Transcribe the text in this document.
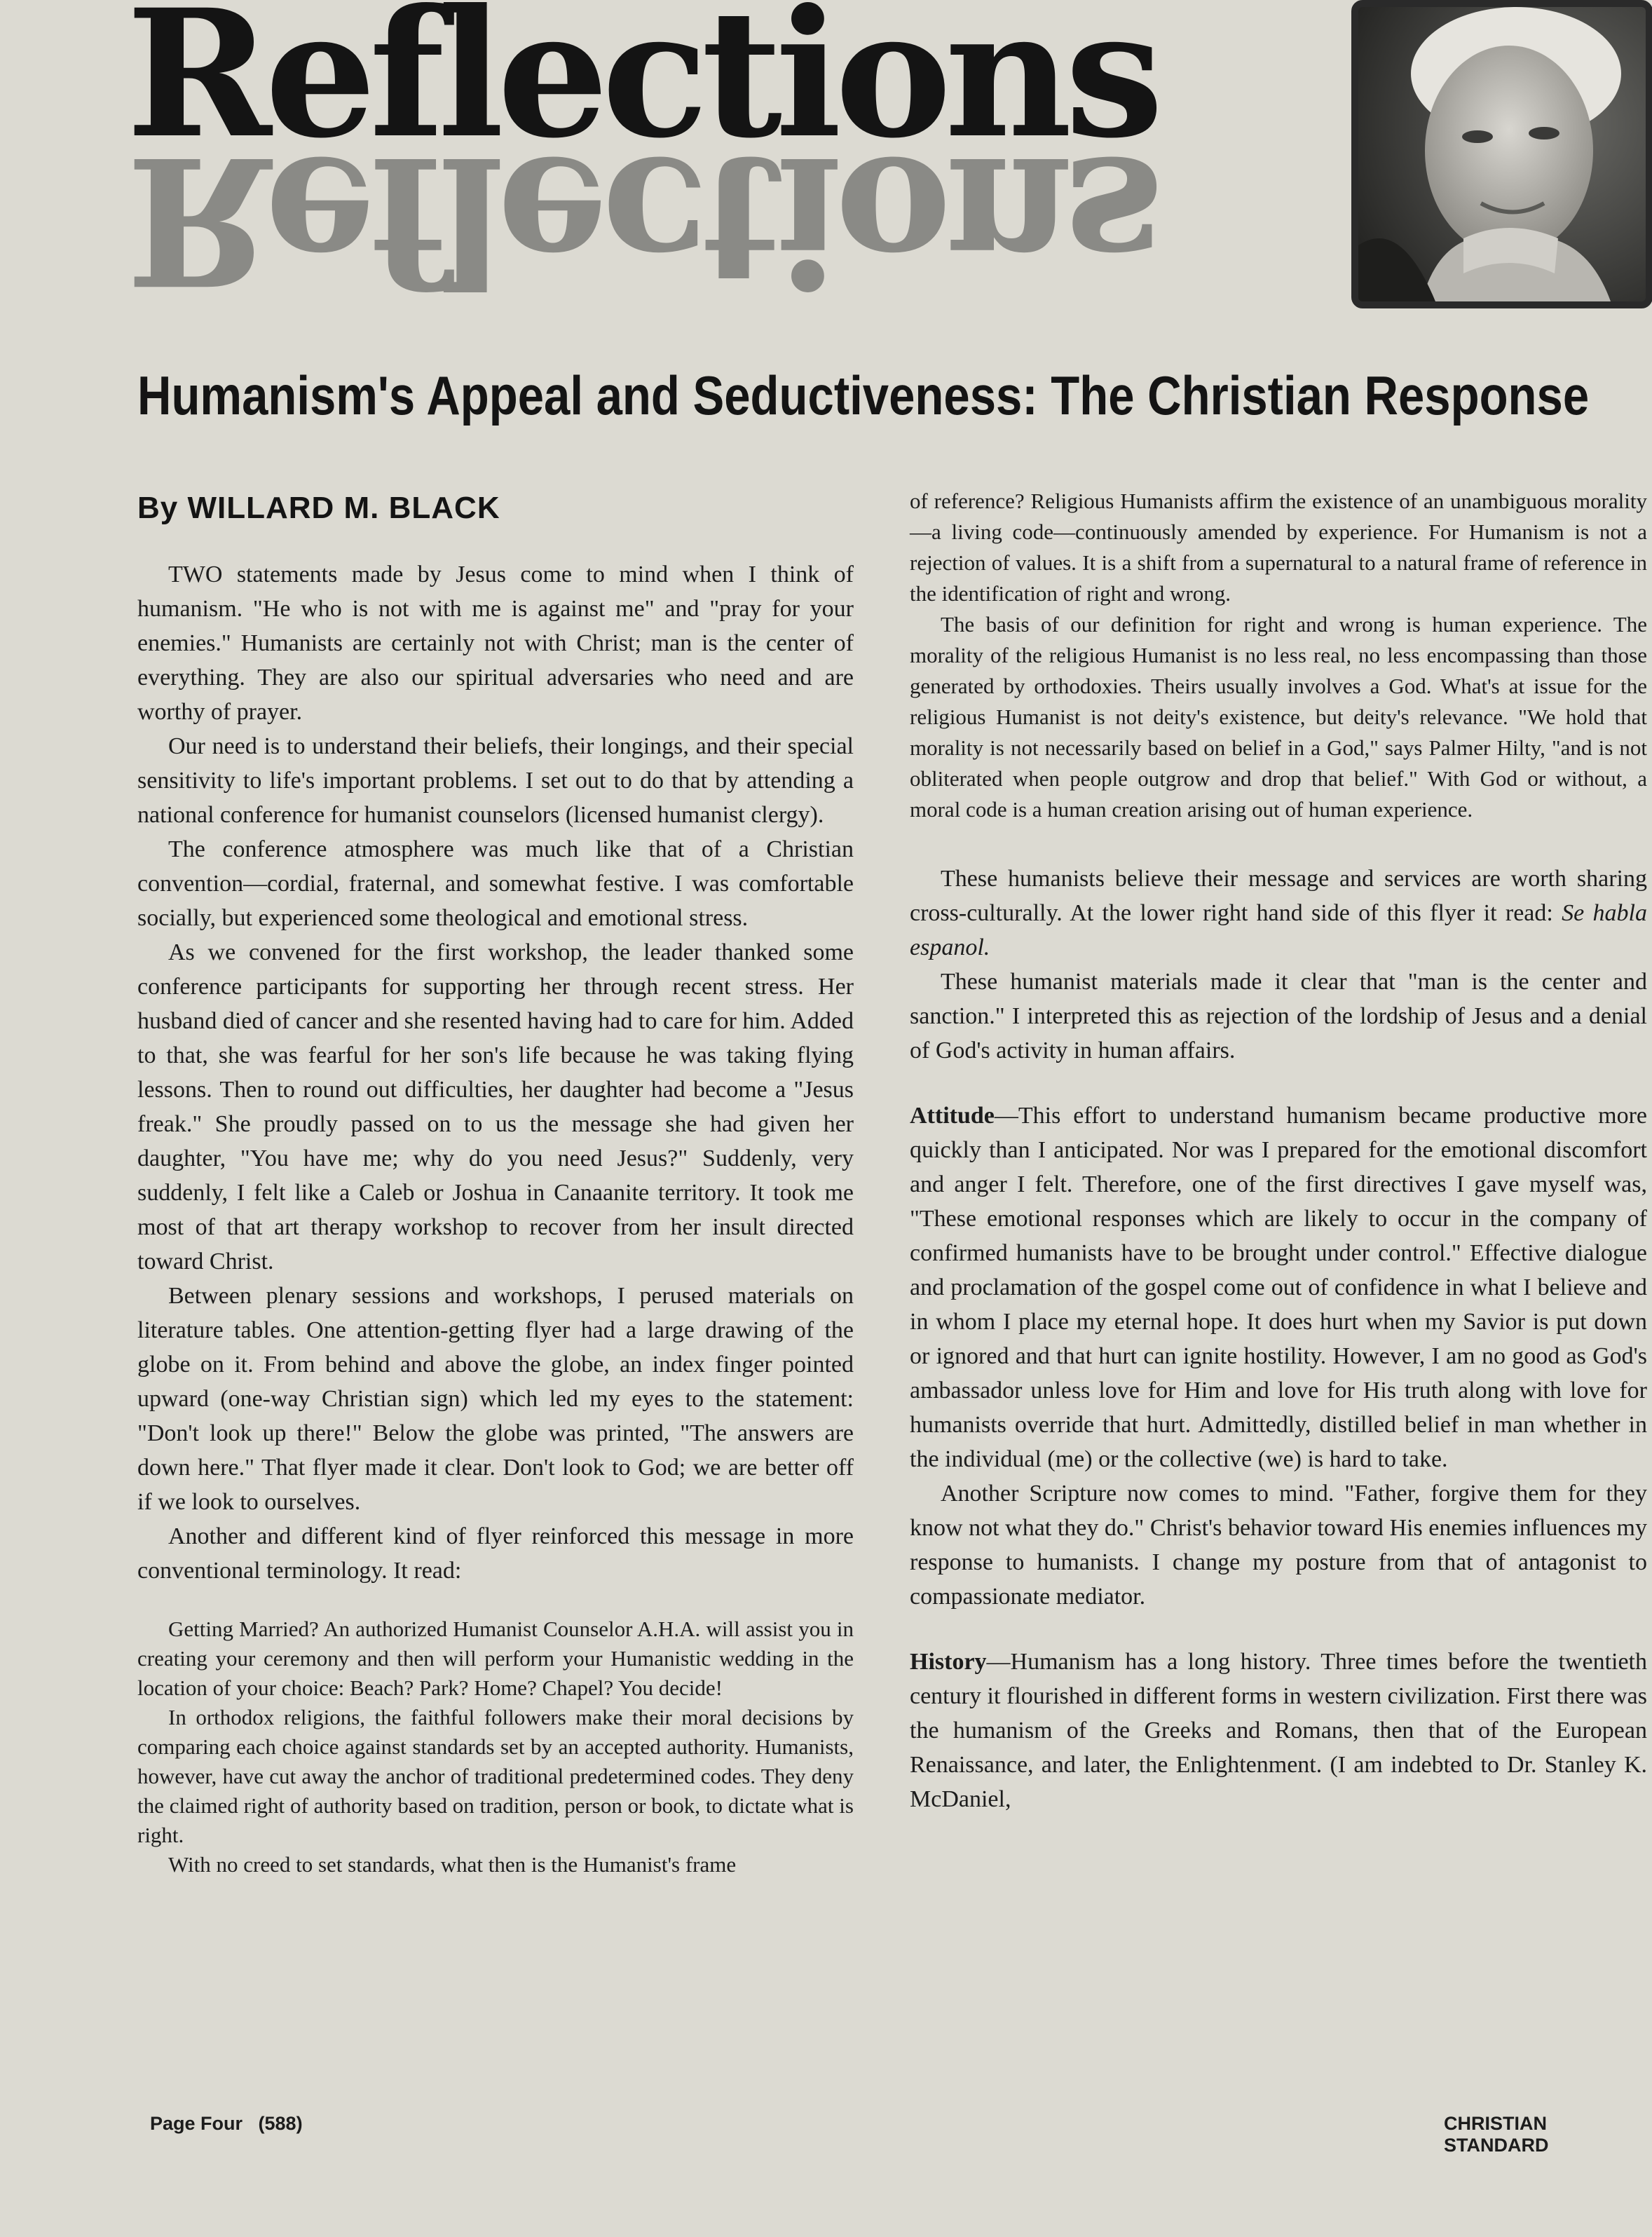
Reflections
Reflections
Humanism's Appeal and Seductiveness: The Christian Response
By WILLARD M. BLACK

TWO statements made by Jesus come to mind when I think of humanism. "He who is not with me is against me" and "pray for your enemies." Humanists are certainly not with Christ; man is the center of everything. They are also our spiritual adversaries who need and are worthy of prayer.

Our need is to understand their beliefs, their longings, and their special sensitivity to life's important problems. I set out to do that by attending a national conference for humanist counselors (licensed humanist clergy).

The conference atmosphere was much like that of a Christian convention—cordial, fraternal, and somewhat festive. I was comfortable socially, but experienced some theological and emotional stress.

As we convened for the first workshop, the leader thanked some conference participants for supporting her through recent stress. Her husband died of cancer and she resented having had to care for him. Added to that, she was fearful for her son's life because he was taking flying lessons. Then to round out difficulties, her daughter had become a "Jesus freak." She proudly passed on to us the message she had given her daughter, "You have me; why do you need Jesus?" Suddenly, very suddenly, I felt like a Caleb or Joshua in Canaanite territory. It took me most of that art therapy workshop to recover from her insult directed toward Christ.

Between plenary sessions and workshops, I perused materials on literature tables. One attention-getting flyer had a large drawing of the globe on it. From behind and above the globe, an index finger pointed upward (one-way Christian sign) which led my eyes to the statement: "Don't look up there!" Below the globe was printed, "The answers are down here." That flyer made it clear. Don't look to God; we are better off if we look to ourselves.

Another and different kind of flyer reinforced this message in more conventional terminology. It read:

Getting Married? An authorized Humanist Counselor A.H.A. will assist you in creating your ceremony and then will perform your Humanistic wedding in the location of your choice: Beach? Park? Home? Chapel? You decide!

In orthodox religions, the faithful followers make their moral decisions by comparing each choice against standards set by an accepted authority. Humanists, however, have cut away the anchor of traditional predetermined codes. They deny the claimed right of authority based on tradition, person or book, to dictate what is right.

With no creed to set standards, what then is the Humanist's frame

of reference? Religious Humanists affirm the existence of an unambiguous morality—a living code—continuously amended by experience. For Humanism is not a rejection of values. It is a shift from a supernatural to a natural frame of reference in the identification of right and wrong.

The basis of our definition for right and wrong is human experience. The morality of the religious Humanist is no less real, no less encompassing than those generated by orthodoxies. Theirs usually involves a God. What's at issue for the religious Humanist is not deity's existence, but deity's relevance. "We hold that morality is not necessarily based on belief in a God," says Palmer Hilty, "and is not obliterated when people outgrow and drop that belief." With God or without, a moral code is a human creation arising out of human experience.

These humanists believe their message and services are worth sharing cross-culturally. At the lower right hand side of this flyer it read: Se habla espanol.

These humanist materials made it clear that "man is the center and sanction." I interpreted this as rejection of the lordship of Jesus and a denial of God's activity in human affairs.

Attitude—This effort to understand humanism became productive more quickly than I anticipated. Nor was I prepared for the emotional discomfort and anger I felt. Therefore, one of the first directives I gave myself was, "These emotional responses which are likely to occur in the company of confirmed humanists have to be brought under control." Effective dialogue and proclamation of the gospel come out of confidence in what I believe and in whom I place my eternal hope. It does hurt when my Savior is put down or ignored and that hurt can ignite hostility. However, I am no good as God's ambassador unless love for Him and love for His truth along with love for humanists override that hurt. Admittedly, distilled belief in man whether in the individual (me) or the collective (we) is hard to take.

Another Scripture now comes to mind. "Father, forgive them for they know not what they do." Christ's behavior toward His enemies influences my response to humanists. I change my posture from that of antagonist to compassionate mediator.

History—Humanism has a long history. Three times before the twentieth century it flourished in different forms in western civilization. First there was the humanism of the Greeks and Romans, then that of the European Renaissance, and later, the Enlightenment. (I am indebted to Dr. Stanley K. McDaniel,

Page Four   (588)	CHRISTIAN STANDARD
